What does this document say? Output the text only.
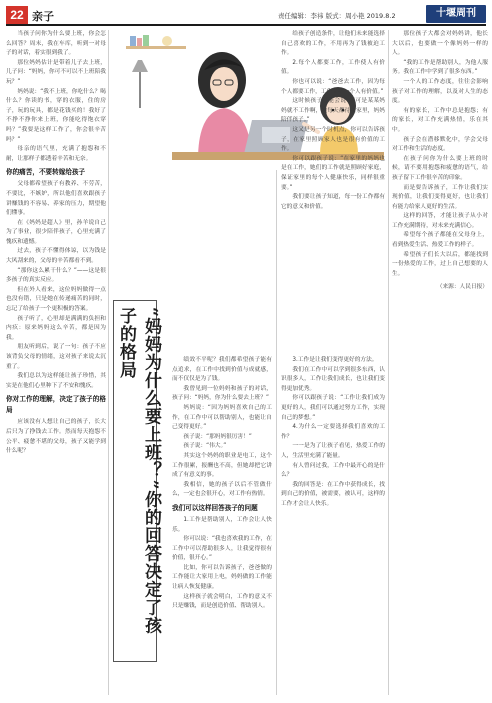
22 亲子	责任编辑：李祎 版式：周小艳 2019.8.2	十堰周刊

当孩子问你为什么要上班，你会怎么回答？周末，我在车库，听到一对母子的对话，着实很到我了。

那位妈妈估计是带着儿子去上班，儿子问：“妈妈，你可不可以不上班陪我玩？”

妈妈说：“我不上班，你吃什么？喝什么？你读的书，穿的衣服，住的房子，玩的玩具，都是花钱买的！我好了不挣不挣你来上班，你能吃得饱衣穿吗？”我要是这样工作了，你会很辛苦吗？”

母亲的语气里，充满了抱怨和不耐，让那样子都透着辛苦和无奈。

你的痛苦，不要转嫁给孩子

父母都希望孩子有教养、不劳苦，不要比，不嫉妒，所以他们喜欢跟孩子讲赚钱的不容易、养家的压力，期望他们懂事。

在《妈妈是超人》里，孙羊说自己为了事业，很少陪伴孩子，心里充满了愧疚和遗憾。

过去，孩子不懂得体谅，以为钱是大风刮来的，父母的辛苦都看不到。

“那你这么累干什么？”——这是很多孩子的真实反应。

但在外人看来，这位妈妈做得一点也没有错，只是她在传递痛苦的同时，忘记了给孩子一个更积极的答案。

孩子听了，心里却是满满的负担和内疚：原来妈妈这么辛苦，都是因为我。

朋友听到后，说了一句：孩子不应该背负父母的情绪，这对孩子来说太沉重了。

我们总以为这样能让孩子珍惜，其实是在他们心里种下了不安和愧疚。

你对工作的理解，决定了孩子的格局

应该没有人想让自己的孩子，长大后只为了挣钱去工作。然而每天抱怨不公平、疲惫不堪的父母，孩子又能学到什么呢？	“妈妈为什么要上班？”你的回答决定了孩子的格局	绩效不平呢？我们都希望孩子能有点追求，在工作中找到价值与成就感，而不仅仅是为了钱。

我曾见到一位妈妈和孩子的对话，孩子问：“妈妈，你为什么要去上班？”

妈妈说：“因为妈妈喜欢自己的工作，在工作中可以帮助别人，也能让自己变得更好。”

孩子说：“那妈妈很厉害！”

孩子说：“伟大。”

其实这个妈妈的职业是电工，这个工作很累，报酬也不高，但她却把它讲成了有意义的事。

我相信，她的孩子以后不管做什么，一定也会很开心，对工作有热情。

我们可以这样回答孩子的问题

1.工作是帮助别人，工作会让人快乐。

你可以说：“我也喜欢我的工作，在工作中可以帮助很多人，让我觉得很有价值，很开心。”

比如，你可以告诉孩子，爸爸做的工作能让大家用上电，妈妈做的工作能让病人恢复健康。

这样孩子就会明白，工作的意义不只是赚钱，而是创造价值、帮助别人。

给孩子创造条件，让他们未来能选择自己喜欢的工作，不用再为了钱被迫工作。

2.每个人都要工作，工作使人有价值。

你也可以说：“爸爸去工作，因为每个人都要工作，工作会使一个人有价值。”

这时候孩子可能会说：“可是某某妈妈就不工作啊，她每天都待在家里，妈妈陪伴孩子。”

这又是另一个时机点，你可以告诉孩子，在家里照顾家人也是很有价值的工作。

你可以跟孩子说：“在家里的妈妈也是在工作，她们的工作就是照顾好家庭，保证家里的每个人健康快乐，同样很重要。”

我们要让孩子知道，每一份工作都有它的意义和价值。

3.工作是让我们变得更好的方法。

我们在工作中可以学到很多东西，认识很多人，工作让我们成长，也让我们变得更加优秀。

你可以跟孩子说：“工作让我们成为更好的人，我们可以通过努力工作，实现自己的梦想。”

4.为什么一定要选择我们喜欢的工作？

一一是为了让孩子看见，热爱工作的人，生活里充满了能量。

有人曾问过我，工作中最开心的是什么？

我的回答是：在工作中获得成长，找到自己的价值，被需要，被认可，这样的工作才会让人快乐。

那位孩子大都会对妈妈讲，他长大以后，也要做一个像妈妈一样的人。

“我的工作是帮助别人，为他人服务。我在工作中学到了很多东西。”

一个人的工作态度，往往会影响孩子对工作的理解，以及对人生的态度。

有的家长，工作中总是抱怨；有的家长，对工作充满热情，乐在其中。

孩子会在潜移默化中，学会父母对工作和生活的态度。

在孩子问你为什么要上班的时候，请不要用抱怨和疲惫的语气，给孩子留下工作很辛苦的印象。

而是要告诉孩子，工作让我们实现价值，让我们变得更好，也让我们有能力给家人更好的生活。

这样的回答，才能让孩子从小对工作充满期待，对未来充满信心。

希望每个孩子都能在父母身上，看到热爱生活、热爱工作的样子。

希望孩子们长大以后，都能找到一份热爱的工作，过上自己想要的人生。

（来源：人民日报）
